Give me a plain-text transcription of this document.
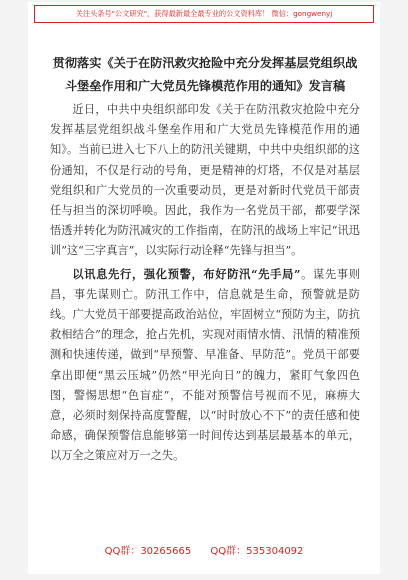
关注头条号"公文研究"，获得最新最全最专业的公文资料库！ 微信：gongwenyj
贯彻落实《关于在防汛救灾抢险中充分发挥基层党组织战斗堡垒作用和广大党员先锋模范作用的通知》发言稿

近日，中共中央组织部印发《关于在防汛救灾抢险中充分发挥基层党组织战斗堡垒作用和广大党员先锋模范作用的通知》。当前已进入七下八上的防汛关键期，中共中央组织部的这份通知，不仅是行动的号角，更是精神的灯塔，不仅是对基层党组织和广大党员的一次重要动员，更是对新时代党员干部责任与担当的深切呼唤。因此，我作为一名党员干部，都要学深悟透并转化为防汛减灾的工作指南，在防汛的战场上牢记“讯迅训”这“三字真言”，以实际行动诠释“先锋与担当”。

以讯息先行，强化预警，布好防汛“先手局”。谋先事则昌，事先谋则亡。防汛工作中，信息就是生命，预警就是防线。广大党员干部要提高政治站位，牢固树立“预防为主，防抗救相结合”的理念，抢占先机，实现对雨情水情、汛情的精准预测和快速传递，做到“早预警、早准备、早防范”。党员干部要拿出即便“黑云压城”仍然“甲光向日”的魄力，紧盯气象四色图，警惕思想“色盲症”，不能对预警信号视而不见，麻痹大意，必须时刻保持高度警醒，以“时时放心不下”的责任感和使命感，确保预警信息能够第一时间传达到基层最基本的单元，以万全之策应对万一之失。

QQ群：30265665 QQ群：535304092
